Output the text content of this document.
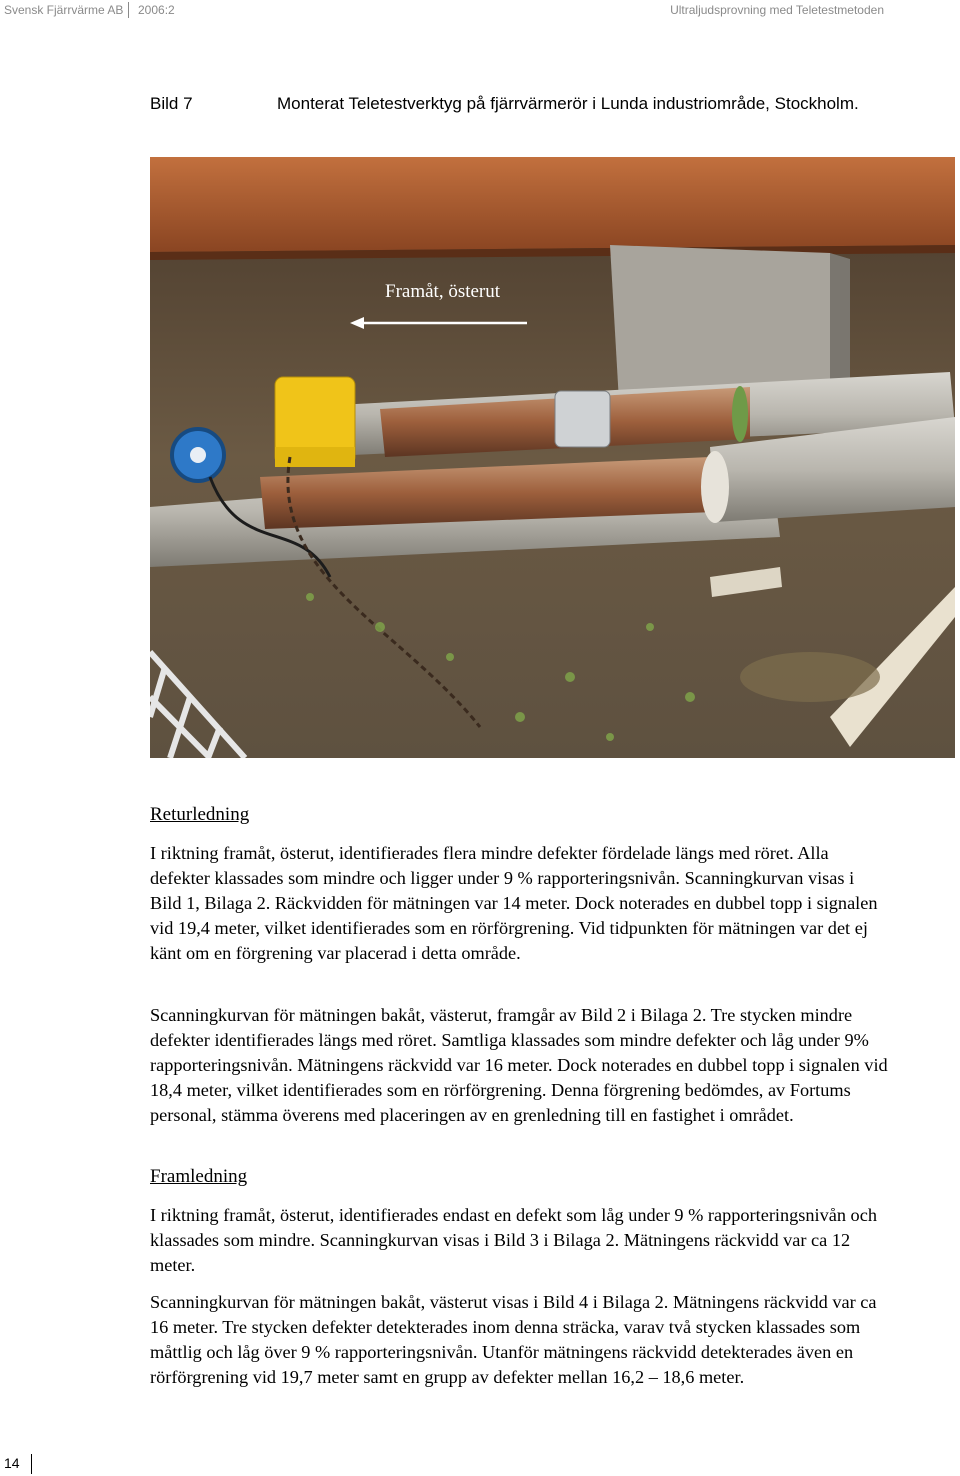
Svensk Fjärrvärme AB 2006:2	Ultraljudsprovning med Teletestmetoden
Bild 7	Monterat Teletestverktyg på fjärrvärmerör i Lunda industriområde, Stockholm.
Framåt, österut
Returledning
I riktning framåt, österut, identifierades flera mindre defekter fördelade längs med röret. Alla defekter klassades som mindre och ligger under 9 % rapporteringsnivån. Scanningkurvan visas i Bild 1, Bilaga 2. Räckvidden för mätningen var 14 meter. Dock noterades en dubbel topp i signalen vid 19,4 meter, vilket identifierades som en rörförgrening. Vid tidpunkten för mätningen var det ej känt om en förgrening var placerad i detta område.
Scanningkurvan för mätningen bakåt, västerut, framgår av Bild 2 i Bilaga 2. Tre stycken mindre defekter identifierades längs med röret. Samtliga klassades som mindre defekter och låg under 9% rapporteringsnivån. Mätningens räckvidd var 16 meter. Dock noterades en dubbel topp i signalen vid 18,4 meter, vilket identifierades som en rörförgrening. Denna förgrening bedömdes, av Fortums personal, stämma överens med placeringen av en grenledning till en fastighet i området.
Framledning
I riktning framåt, österut, identifierades endast en defekt som låg under 9 % rapporteringsnivån och klassades som mindre. Scanningkurvan visas i Bild 3 i Bilaga 2. Mätningens räckvidd var ca 12 meter.
Scanningkurvan för mätningen bakåt, västerut visas i Bild 4 i Bilaga 2. Mätningens räckvidd var ca 16 meter. Tre stycken defekter detekterades inom denna sträcka, varav två stycken klassades som måttlig och låg över 9 % rapporteringsnivån. Utanför mätningens räckvidd detekterades även en rörförgrening vid 19,7 meter samt en grupp av defekter mellan 16,2 – 18,6 meter.
14
